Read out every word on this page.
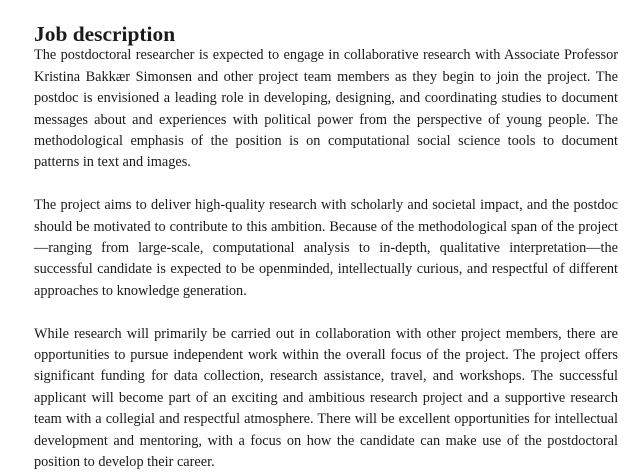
Job description

The postdoctoral researcher is expected to engage in collaborative research with Associate Professor Kristina Bakkær Simonsen and other project team members as they begin to join the project. The postdoc is envisioned a leading role in developing, designing, and coordinating studies to document messages about and experiences with political power from the perspective of young people. The methodological emphasis of the position is on computational social science tools to document patterns in text and images.

The project aims to deliver high-quality research with scholarly and societal impact, and the postdoc should be motivated to contribute to this ambition. Because of the methodological span of the project—ranging from large-scale, computational analysis to in-depth, qualitative interpretation—the successful candidate is expected to be openminded, intellectually curious, and respectful of different approaches to knowledge generation.

While research will primarily be carried out in collaboration with other project members, there are opportunities to pursue independent work within the overall focus of the project. The project offers significant funding for data collection, research assistance, travel, and workshops. The successful applicant will become part of an exciting and ambitious research project and a supportive research team with a collegial and respectful atmosphere. There will be excellent opportunities for intellectual development and mentoring, with a focus on how the candidate can make use of the postdoctoral position to develop their career.
